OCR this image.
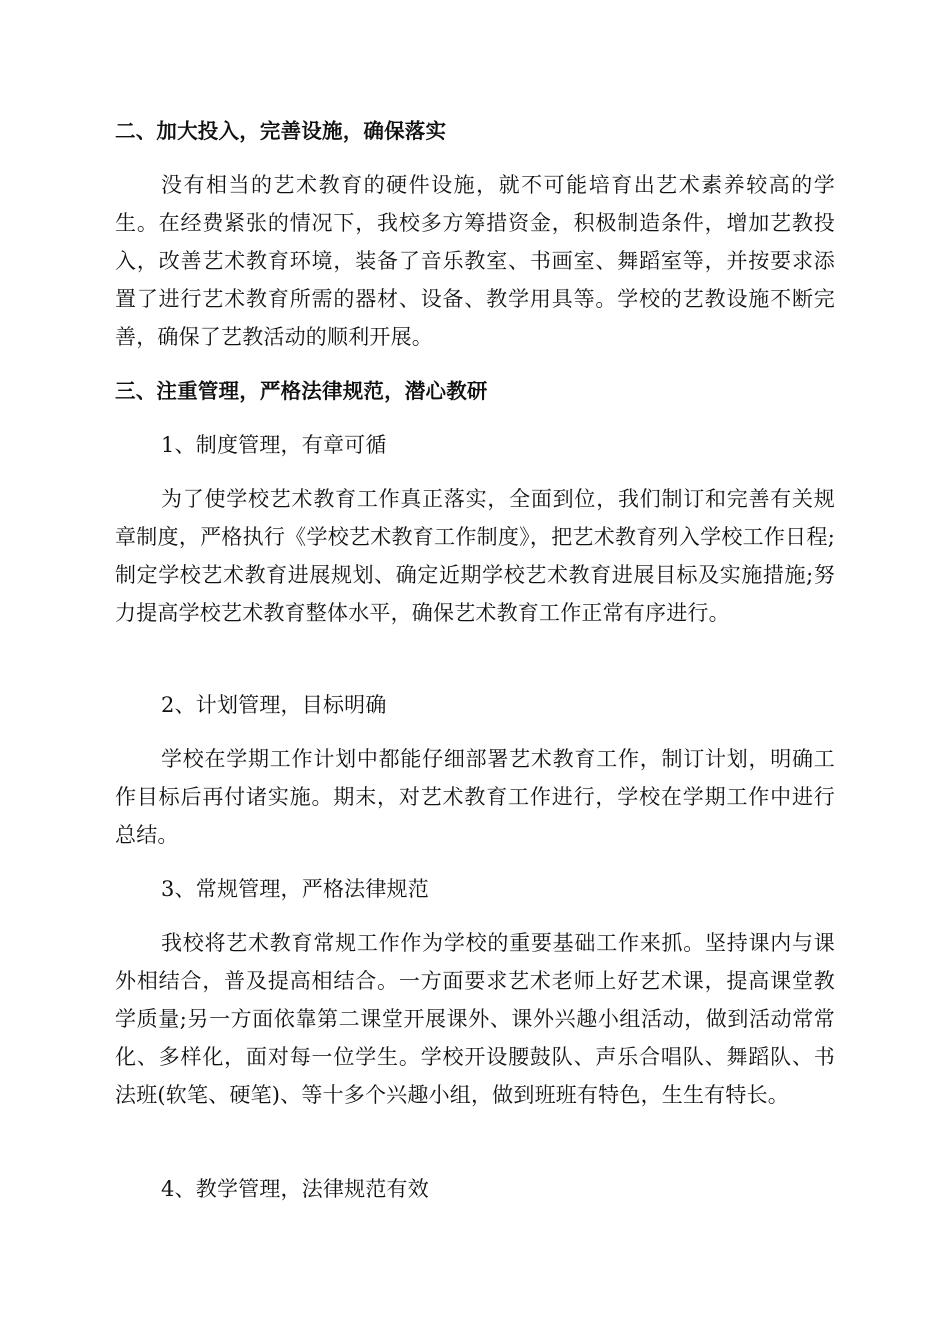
二、加大投入，完善设施，确保落实

没有相当的艺术教育的硬件设施，就不可能培育出艺术素养较高的学生。在经费紧张的情况下，我校多方筹措资金，积极制造条件，增加艺教投入，改善艺术教育环境，装备了音乐教室、书画室、舞蹈室等，并按要求添置了进行艺术教育所需的器材、设备、教学用具等。学校的艺教设施不断完善，确保了艺教活动的顺利开展。

三、注重管理，严格法律规范，潜心教研

1、制度管理，有章可循

为了使学校艺术教育工作真正落实，全面到位，我们制订和完善有关规章制度，严格执行《学校艺术教育工作制度》，把艺术教育列入学校工作日程;制定学校艺术教育进展规划、确定近期学校艺术教育进展目标及实施措施;努力提高学校艺术教育整体水平，确保艺术教育工作正常有序进行。

2、计划管理，目标明确

学校在学期工作计划中都能仔细部署艺术教育工作，制订计划，明确工作目标后再付诸实施。期末，对艺术教育工作进行，学校在学期工作中进行总结。

3、常规管理，严格法律规范

我校将艺术教育常规工作作为学校的重要基础工作来抓。坚持课内与课外相结合，普及提高相结合。一方面要求艺术老师上好艺术课，提高课堂教学质量;另一方面依靠第二课堂开展课外、课外兴趣小组活动，做到活动常常化、多样化，面对每一位学生。学校开设腰鼓队、声乐合唱队、舞蹈队、书法班(软笔、硬笔)、等十多个兴趣小组，做到班班有特色，生生有特长。

4、教学管理，法律规范有效
